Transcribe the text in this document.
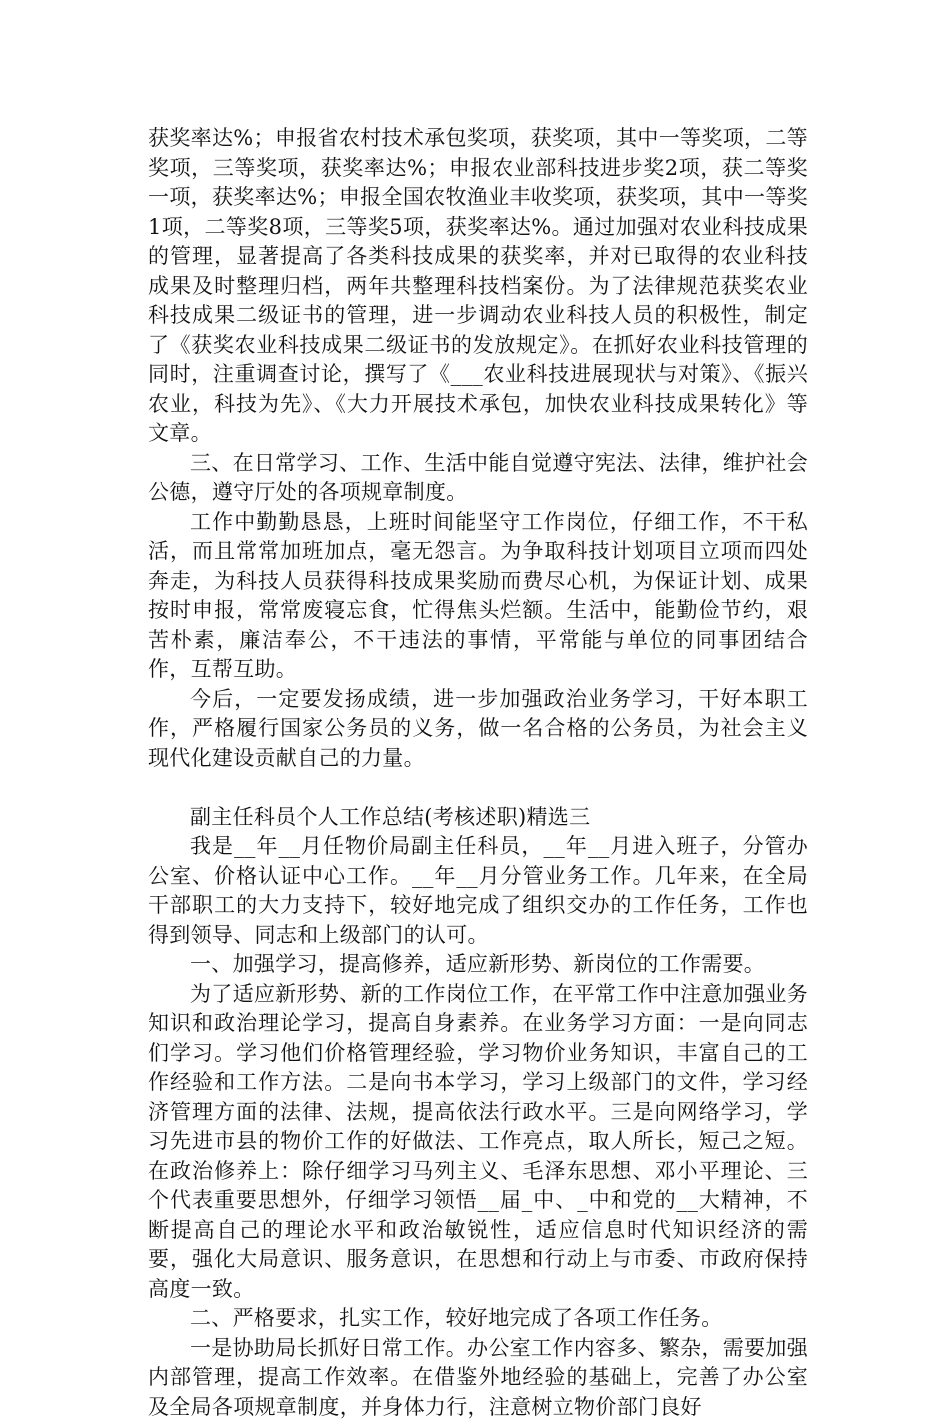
获奖率达%；申报省农村技术承包奖项，获奖项，其中一等奖项，二等奖项，三等奖项，获奖率达%；申报农业部科技进步奖2项，获二等奖一项，获奖率达%；申报全国农牧渔业丰收奖项，获奖项，其中一等奖1项，二等奖8项，三等奖5项，获奖率达%。通过加强对农业科技成果的管理，显著提高了各类科技成果的获奖率，并对已取得的农业科技成果及时整理归档，两年共整理科技档案份。为了法律规范获奖农业科技成果二级证书的管理，进一步调动农业科技人员的积极性，制定了《获奖农业科技成果二级证书的发放规定》。在抓好农业科技管理的同时，注重调查讨论，撰写了《___农业科技进展现状与对策》、《振兴农业，科技为先》、《大力开展技术承包，加快农业科技成果转化》等文章。

三、在日常学习、工作、生活中能自觉遵守宪法、法律，维护社会公德，遵守厅处的各项规章制度。

工作中勤勤恳恳，上班时间能坚守工作岗位，仔细工作，不干私活，而且常常加班加点，毫无怨言。为争取科技计划项目立项而四处奔走，为科技人员获得科技成果奖励而费尽心机，为保证计划、成果按时申报，常常废寝忘食，忙得焦头烂额。生活中，能勤俭节约，艰苦朴素，廉洁奉公，不干违法的事情，平常能与单位的同事团结合作，互帮互助。

今后，一定要发扬成绩，进一步加强政治业务学习，干好本职工作，严格履行国家公务员的义务，做一名合格的公务员，为社会主义现代化建设贡献自己的力量。

副主任科员个人工作总结(考核述职)精选三

我是__年__月任物价局副主任科员，__年__月进入班子，分管办公室、价格认证中心工作。__年__月分管业务工作。几年来，在全局干部职工的大力支持下，较好地完成了组织交办的工作任务，工作也得到领导、同志和上级部门的认可。

一、加强学习，提高修养，适应新形势、新岗位的工作需要。

为了适应新形势、新的工作岗位工作，在平常工作中注意加强业务知识和政治理论学习，提高自身素养。在业务学习方面：一是向同志们学习。学习他们价格管理经验，学习物价业务知识，丰富自己的工作经验和工作方法。二是向书本学习，学习上级部门的文件，学习经济管理方面的法律、法规，提高依法行政水平。三是向网络学习，学习先进市县的物价工作的好做法、工作亮点，取人所长，短己之短。在政治修养上：除仔细学习马列主义、毛泽东思想、邓小平理论、三个代表重要思想外，仔细学习领悟__届_中、_中和党的__大精神，不断提高自己的理论水平和政治敏锐性，适应信息时代知识经济的需要，强化大局意识、服务意识，在思想和行动上与市委、市政府保持高度一致。

二、严格要求，扎实工作，较好地完成了各项工作任务。

一是协助局长抓好日常工作。办公室工作内容多、繁杂，需要加强内部管理，提高工作效率。在借鉴外地经验的基础上，完善了办公室及全局各项规章制度，并身体力行，注意树立物价部门良好
